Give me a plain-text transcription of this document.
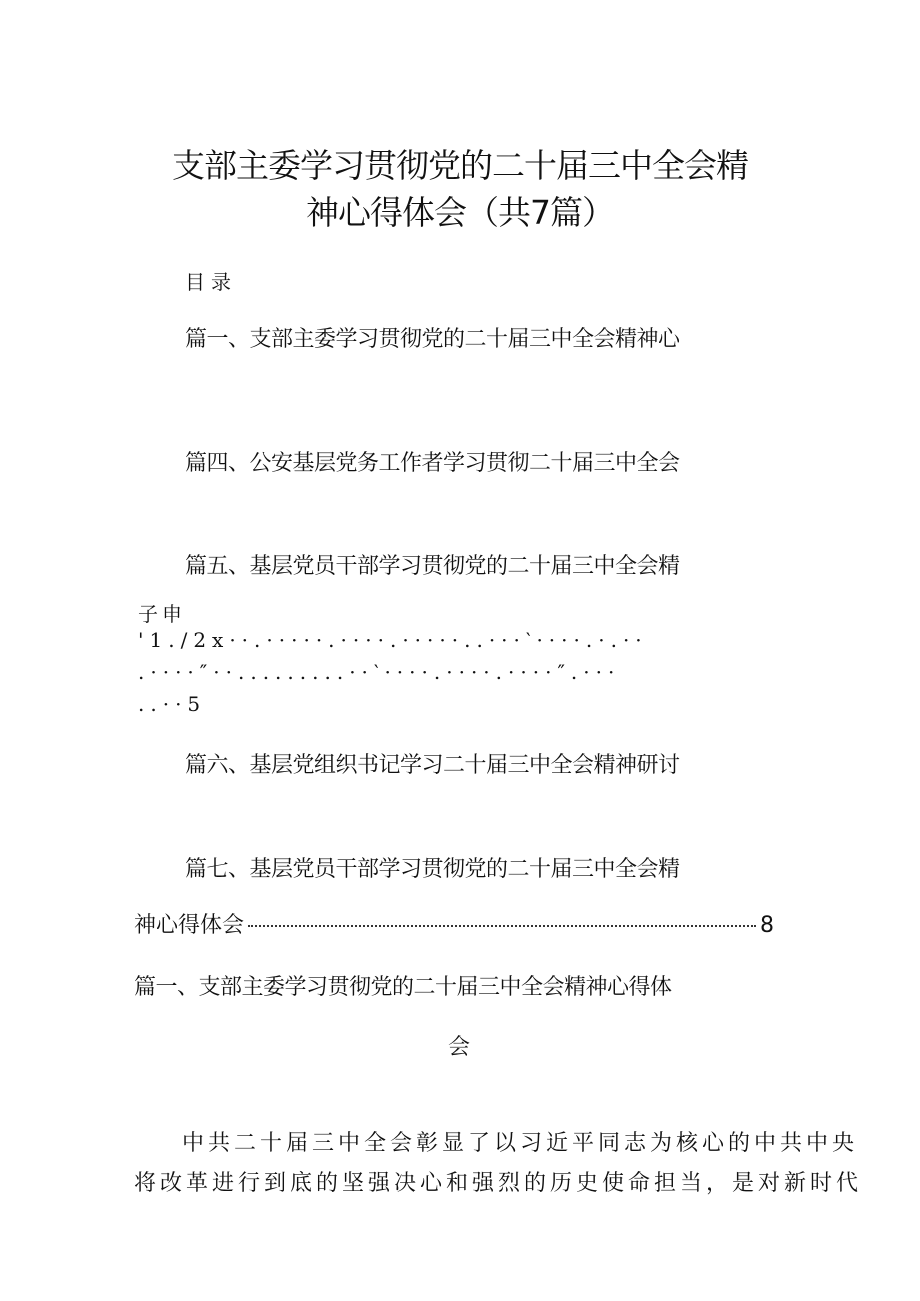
支部主委学习贯彻党的二十届三中全会精
神心得体会（共7篇）
目录
篇一、支部主委学习贯彻党的二十届三中全会精神心
篇四、公安基层党务工作者学习贯彻二十届三中全会
篇五、基层党员干部学习贯彻党的二十届三中全会精
子申
'1./2x··.·····.····.·····..···‵····.·.··
.····″··.........··‵····.····.····″.···
..··5
篇六、基层党组织书记学习二十届三中全会精神研讨
篇七、基层党员干部学习贯彻党的二十届三中全会精
神心得体会	8
篇一、支部主委学习贯彻党的二十届三中全会精神心得体
会
中共二十届三中全会彰显了以习近平同志为核心的中共中央
将改革进行到底的坚强决心和强烈的历史使命担当，是对新时代
